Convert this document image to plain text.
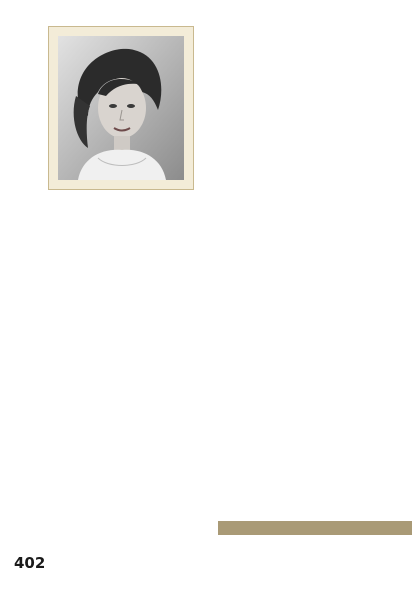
402
